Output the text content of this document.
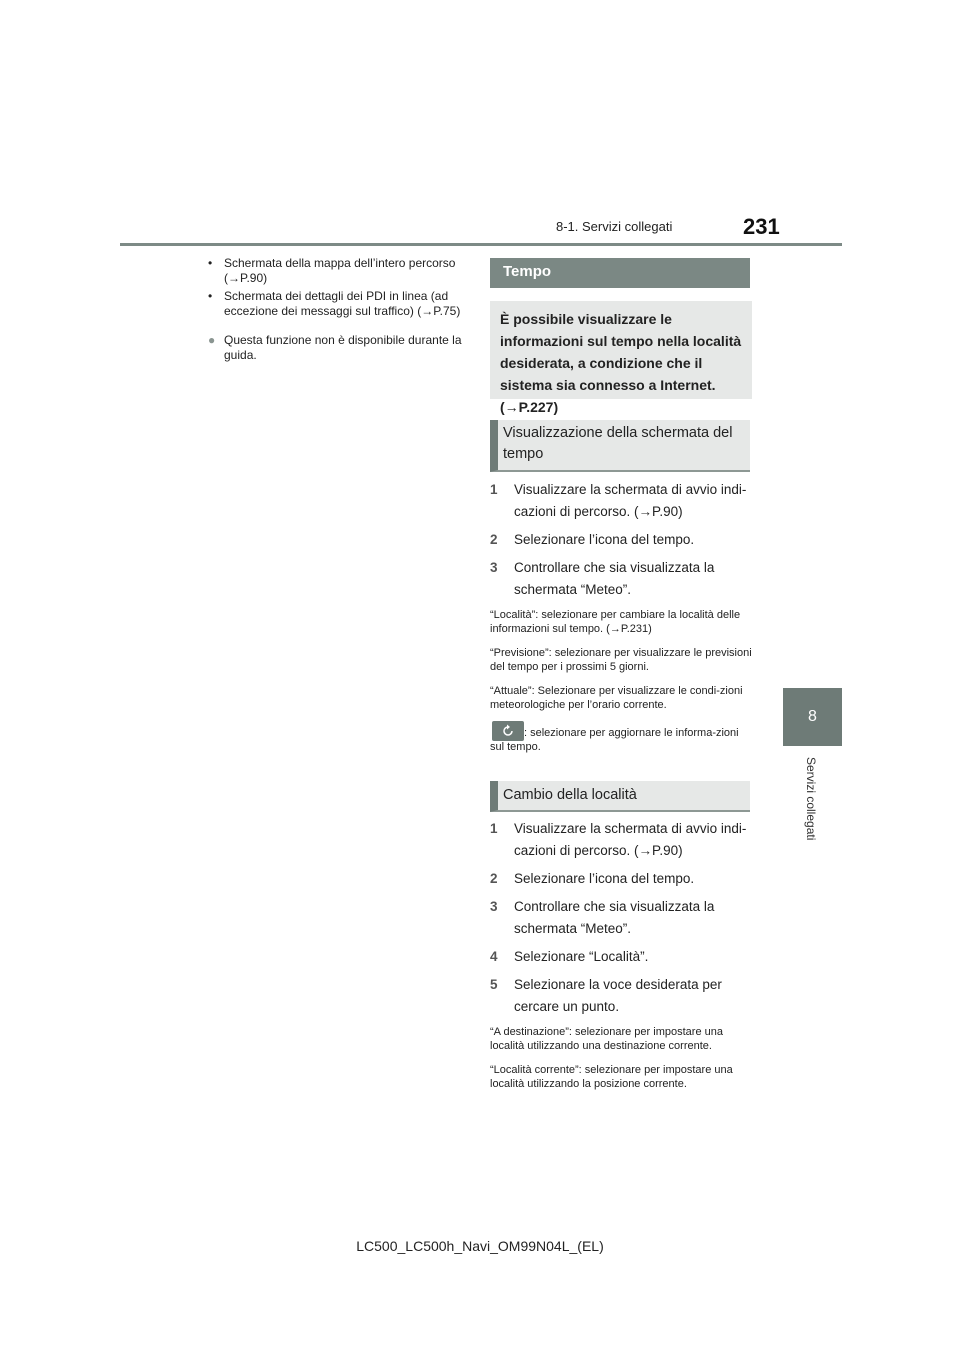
8-1. Servizi collegati	231
8
Servizi collegati
• Schermata della mappa dell’intero percorso (→P.90)
• Schermata dei dettagli dei PDI in linea (ad eccezione dei messaggi sul traffico) (→P.75)
● Questa funzione non è disponibile durante la guida.
Tempo
È possibile visualizzare le informazioni sul tempo nella località desiderata, a condizione che il sistema sia connesso a Internet. (→P.227)
Visualizzazione della schermata del tempo
1 Visualizzare la schermata di avvio indi-cazioni di percorso. (→P.90)
2 Selezionare l’icona del tempo.
3 Controllare che sia visualizzata la schermata “Meteo”.
“Località”: selezionare per cambiare la località delle informazioni sul tempo. (→P.231)
“Previsione”: selezionare per visualizzare le previsioni del tempo per i prossimi 5 giorni.
“Attuale”: Selezionare per visualizzare le condi-zioni meteorologiche per l’orario corrente.
: selezionare per aggiornare le informa-zioni sul tempo.
Cambio della località
1 Visualizzare la schermata di avvio indi-cazioni di percorso. (→P.90)
2 Selezionare l’icona del tempo.
3 Controllare che sia visualizzata la schermata “Meteo”.
4 Selezionare “Località”.
5 Selezionare la voce desiderata per cercare un punto.
“A destinazione”: selezionare per impostare una località utilizzando una destinazione corrente.
“Località corrente”: selezionare per impostare una località utilizzando la posizione corrente.
LC500_LC500h_Navi_OM99N04L_(EL)
